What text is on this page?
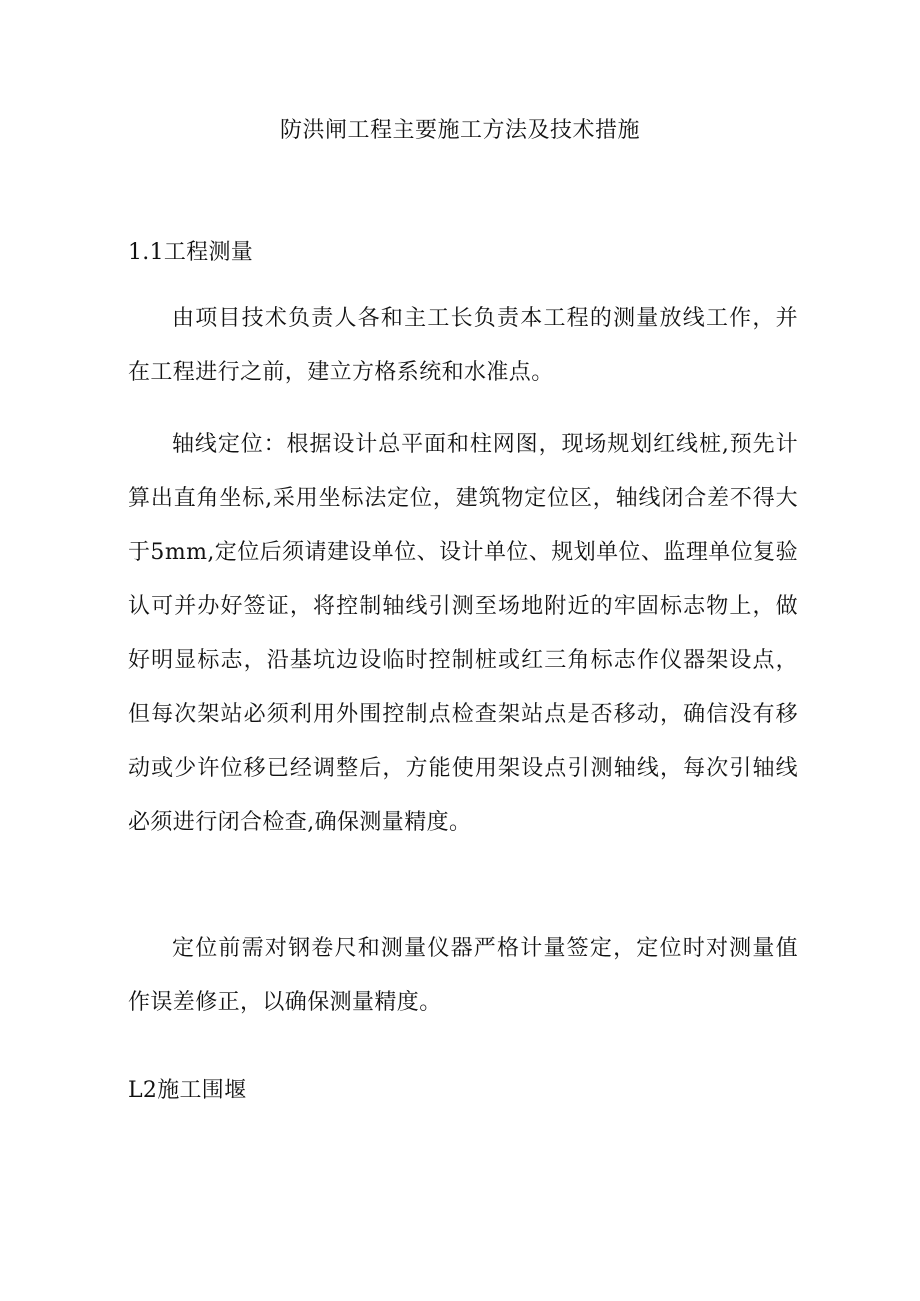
防洪闸工程主要施工方法及技术措施
1.1工程测量

由项目技术负责人各和主工长负责本工程的测量放线工作，并在工程进行之前，建立方格系统和水准点。

轴线定位：根据设计总平面和柱网图，现场规划红线桩,预先计算出直角坐标,采用坐标法定位，建筑物定位区，轴线闭合差不得大于5mm,定位后须请建设单位、设计单位、规划单位、监理单位复验认可并办好签证，将控制轴线引测至场地附近的牢固标志物上，做好明显标志，沿基坑边设临时控制桩或红三角标志作仪器架设点，但每次架站必须利用外围控制点检查架站点是否移动，确信没有移动或少许位移已经调整后，方能使用架设点引测轴线，每次引轴线必须进行闭合检查,确保测量精度。

定位前需对钢卷尺和测量仪器严格计量签定，定位时对测量值作误差修正，以确保测量精度。

L2施工围堰
